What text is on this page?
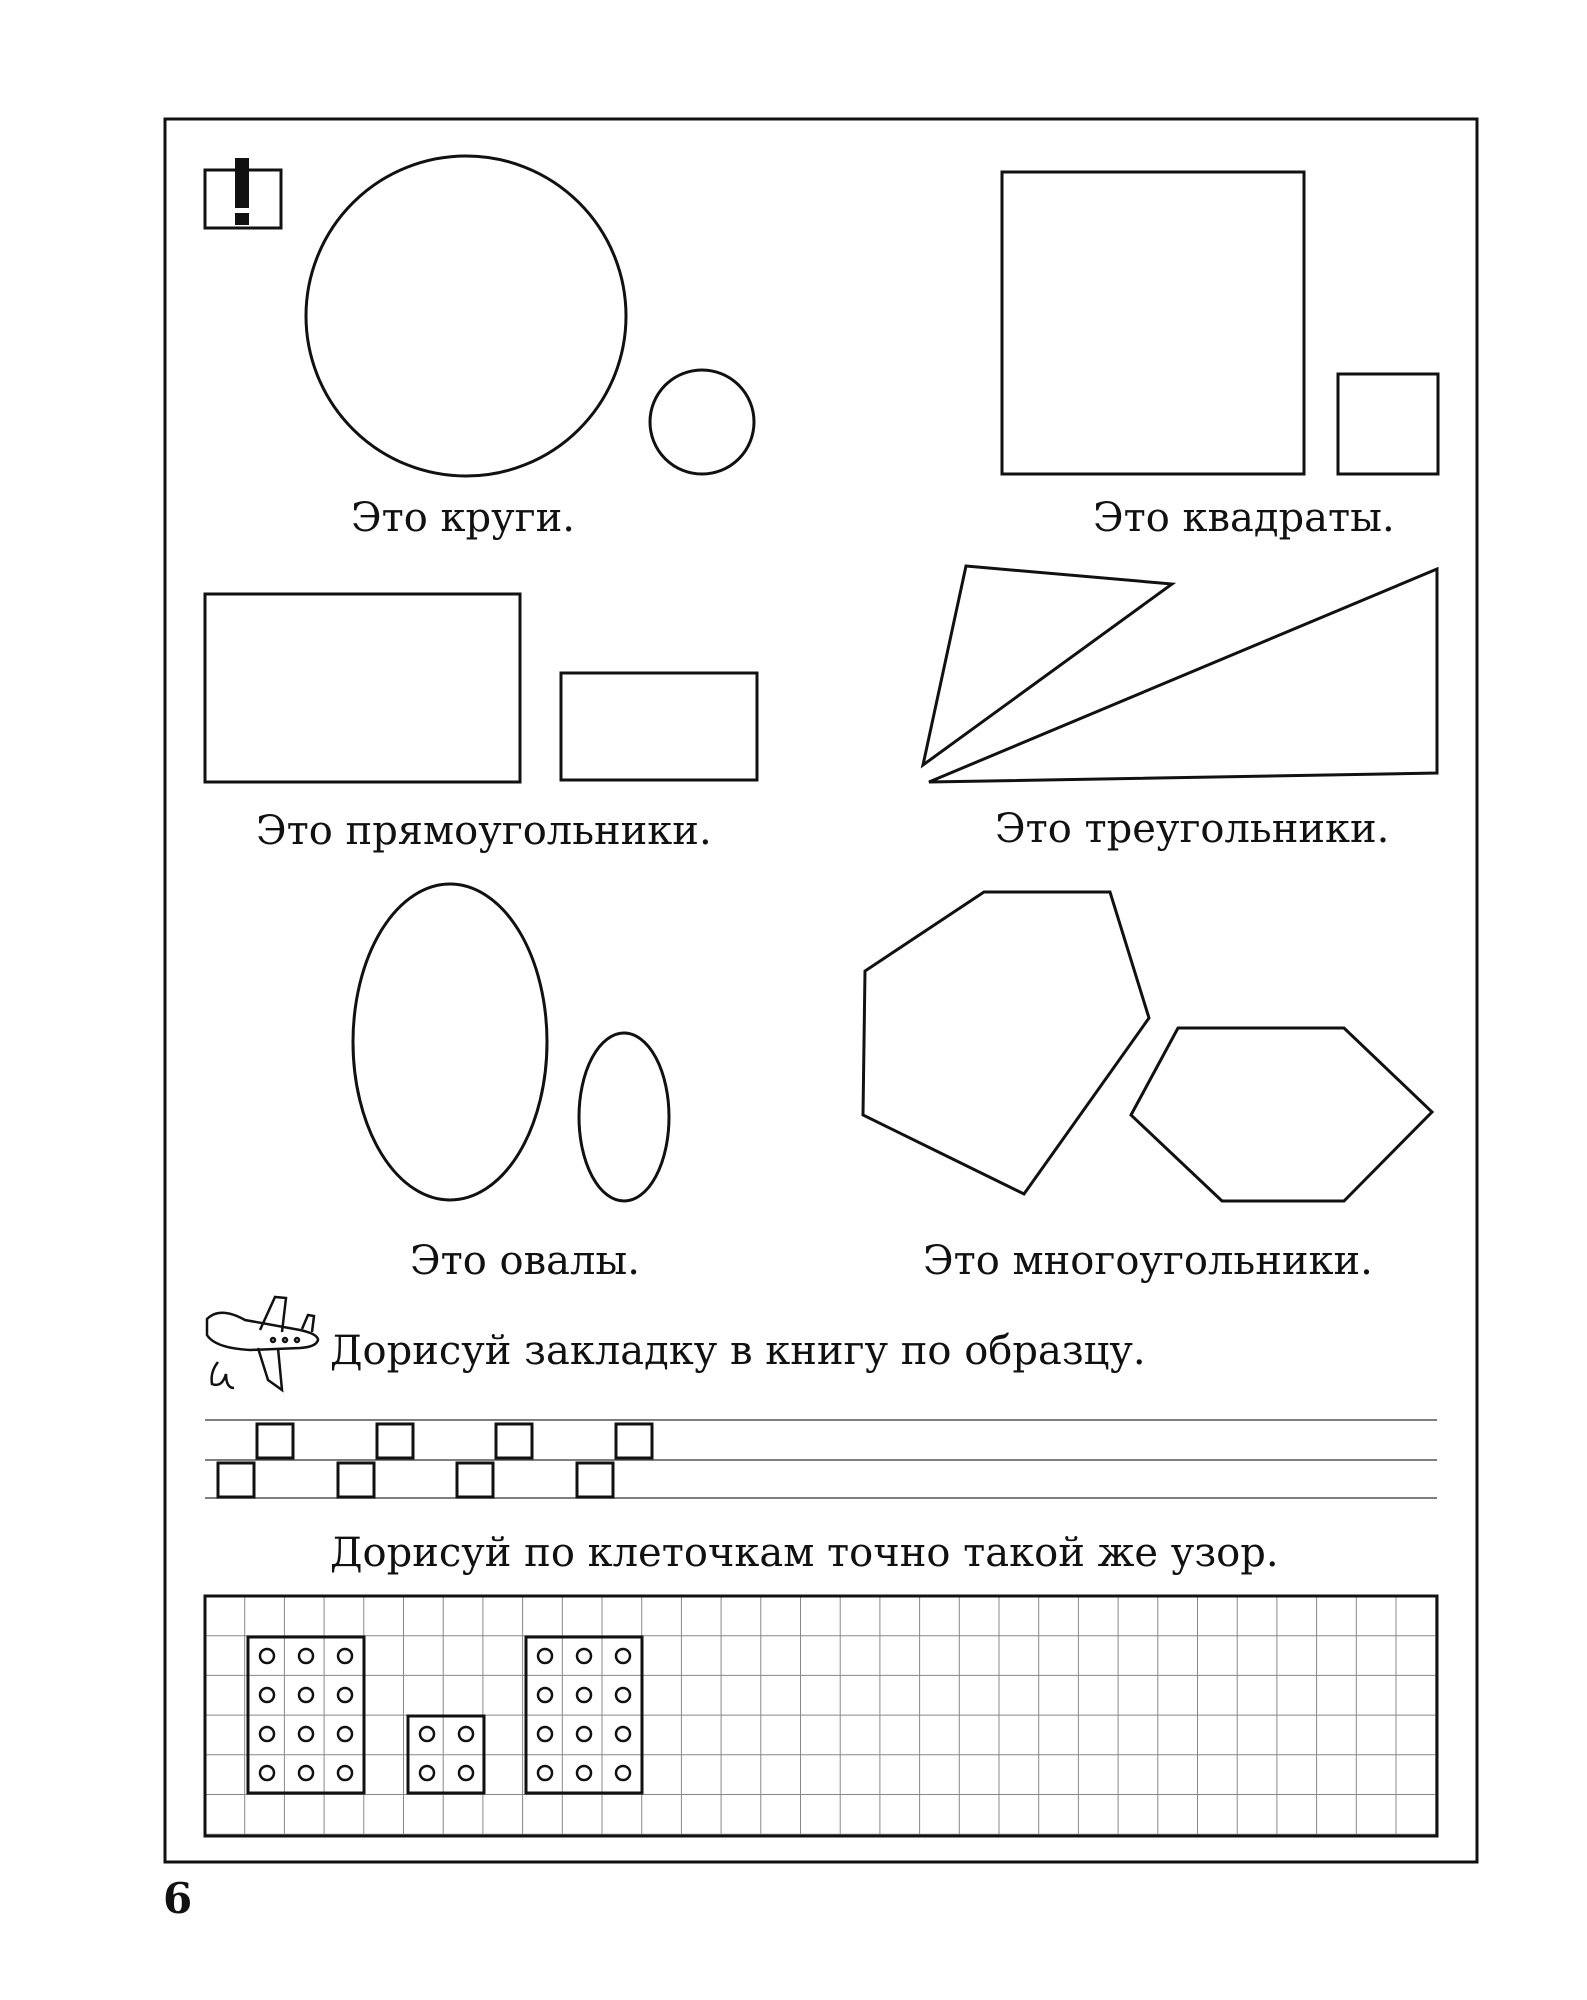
Это круги.	Это квадраты.
Это прямоугольники.	Это треугольники.
Это овалы.	Это многоугольники.
Дорисуй закладку в книгу по образцу.
Дорисуй по клеточкам точно такой же узор.
6
